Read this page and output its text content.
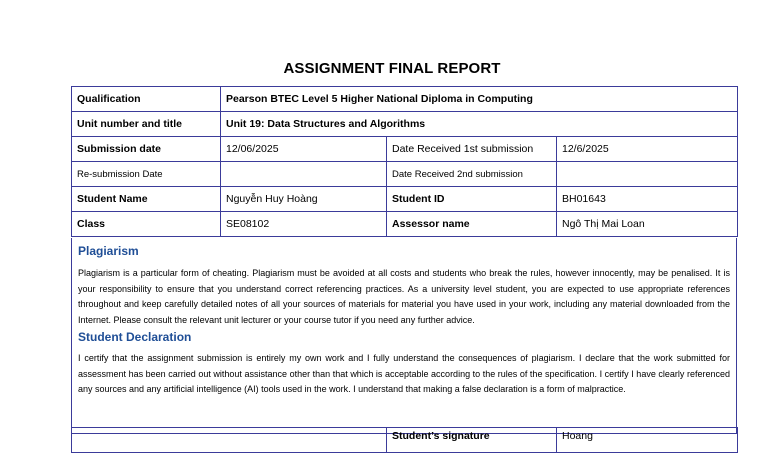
ASSIGNMENT FINAL REPORT
Qualification	Pearson BTEC Level 5 Higher National Diploma in Computing		
Unit number and title	Unit 19: Data Structures and Algorithms		
Submission date	12/06/2025	Date Received 1st submission	12/6/2025
Re-submission Date		Date Received 2nd submission	
Student Name	Nguyễn Huy Hoàng	Student ID	BH01643
Class	SE08102	Assessor name	Ngô Thị Mai Loan
Plagiarism
Plagiarism is a particular form of cheating. Plagiarism must be avoided at all costs and students who break the rules, however innocently, may be penalised. It is your responsibility to ensure that you understand correct referencing practices. As a university level student, you are expected to use appropriate references throughout and keep carefully detailed notes of all your sources of materials for material you have used in your work, including any material downloaded from the Internet. Please consult the relevant unit lecturer or your course tutor if you need any further advice.
Student Declaration
I certify that the assignment submission is entirely my own work and I fully understand the consequences of plagiarism. I declare that the work submitted for assessment has been carried out without assistance other than that which is acceptable according to the rules of the specification. I certify I have clearly referenced any sources and any artificial intelligence (AI) tools used in the work. I understand that making a false declaration is a form of malpractice.
	Student’s signature	Hoang
